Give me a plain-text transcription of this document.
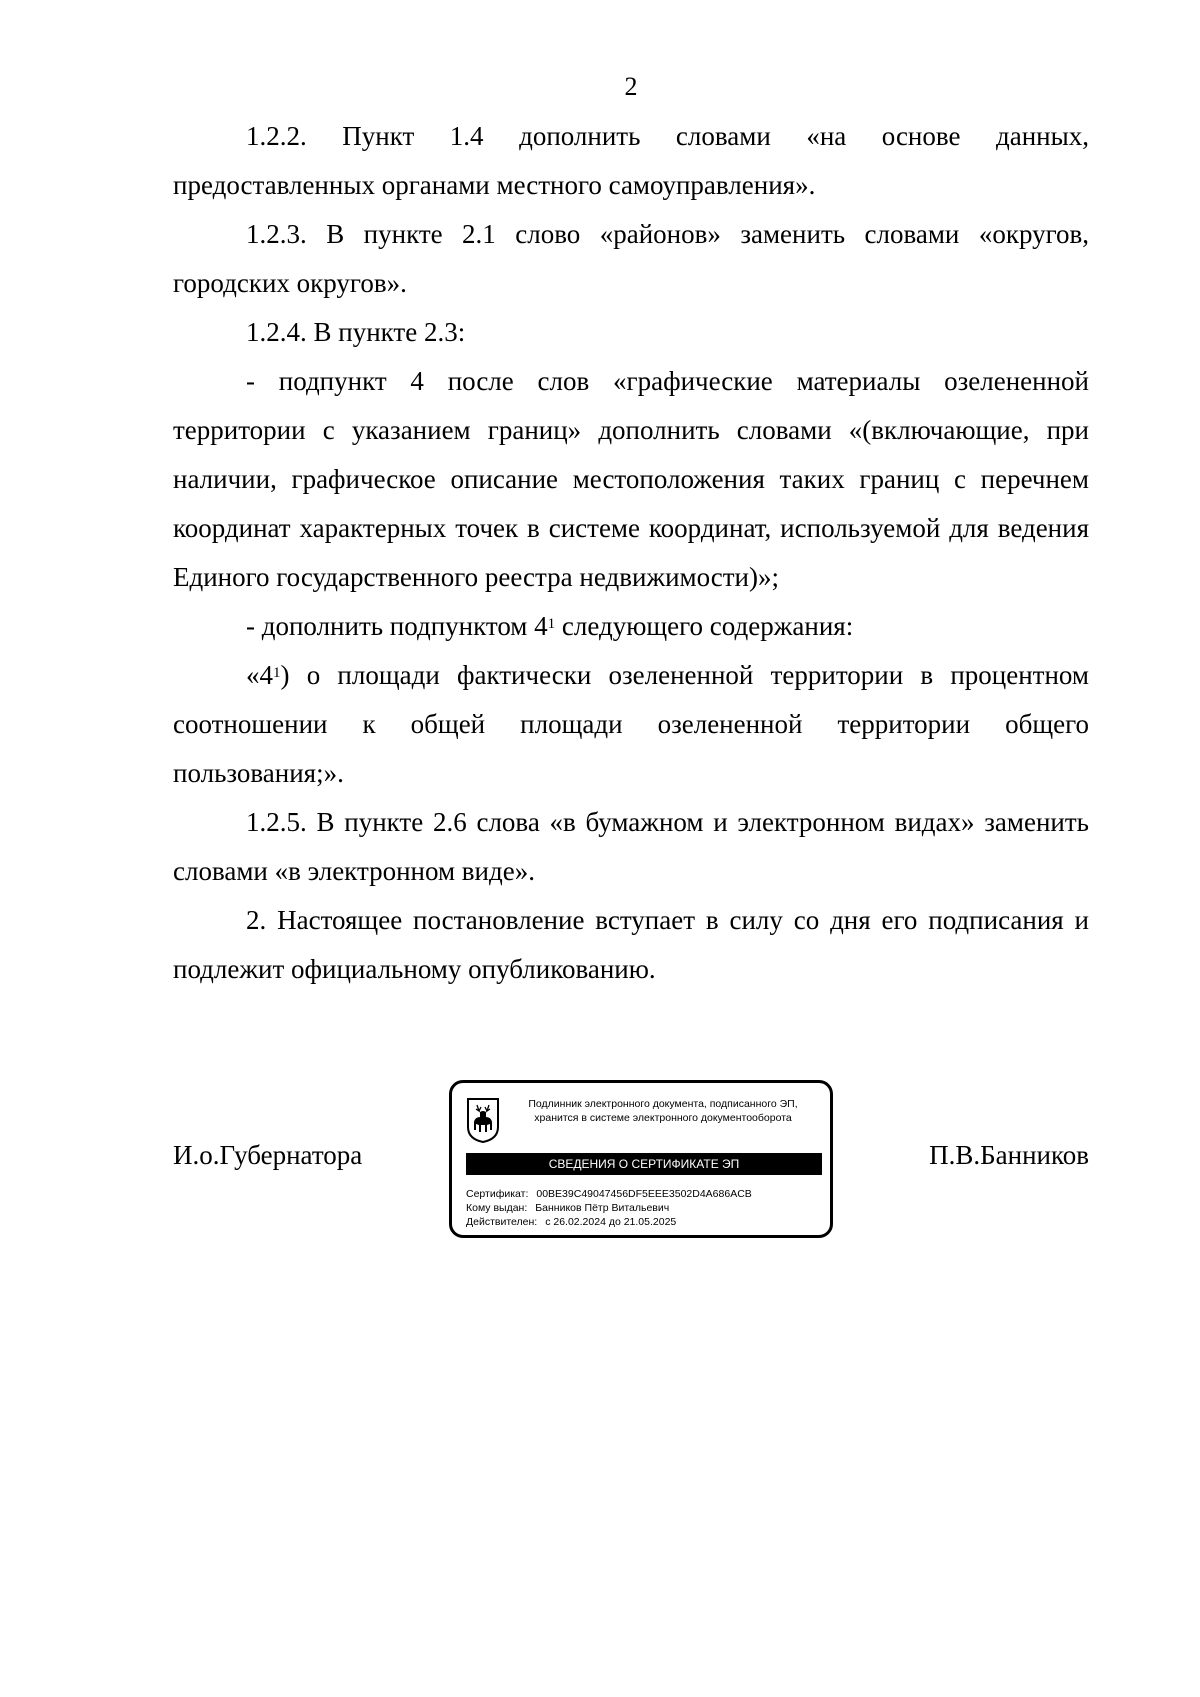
2

1.2.2. Пункт 1.4 дополнить словами «на основе данных, предоставленных органами местного самоуправления».

1.2.3. В пункте 2.1 слово «районов» заменить словами «округов, городских округов».

1.2.4. В пункте 2.3:

- подпункт 4 после слов «графические материалы озелененной территории с указанием границ» дополнить словами «(включающие, при наличии, графическое описание местоположения таких границ с перечнем координат характерных точек в системе координат, используемой для ведения Единого государственного реестра недвижимости)»;

- дополнить подпунктом $4^1$ следующего содержания:

«$4^1$) о площади фактически озелененной территории в процентном соотношении к общей площади озелененной территории общего пользования;».

1.2.5. В пункте 2.6 слова «в бумажном и электронном видах» заменить словами «в электронном виде».

2. Настоящее постановление вступает в силу со дня его подписания и подлежит официальному опубликованию.

И.о.Губернатора	П.В.Банников
Подлинник электронного документа, подписанного ЭП,
хранится в системе электронного документооборота
СВЕДЕНИЯ О СЕРТИФИКАТЕ ЭП
Сертификат: 00BE39C49047456DF5EEE3502D4A686ACB
Кому выдан: Банников Пётр Витальевич
Действителен: с 26.02.2024 до 21.05.2025
